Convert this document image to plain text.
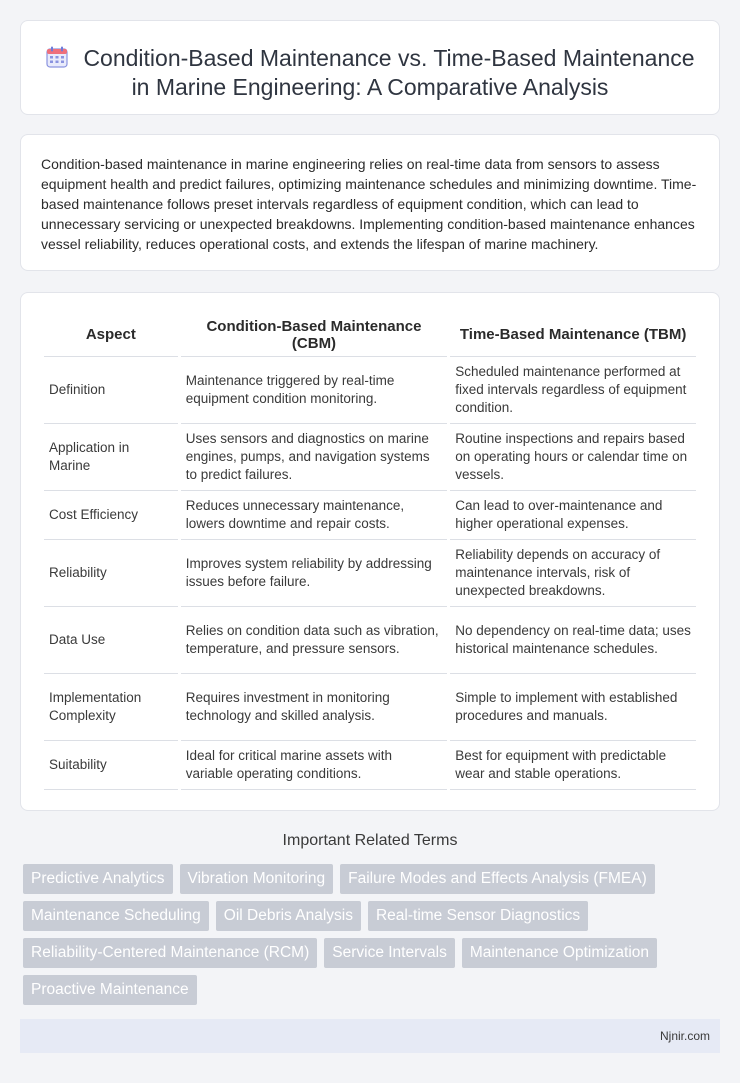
Condition-Based Maintenance vs. Time-Based Maintenance in Marine Engineering: A Comparative Analysis

Condition-based maintenance in marine engineering relies on real-time data from sensors to assess equipment health and predict failures, optimizing maintenance schedules and minimizing downtime. Time-based maintenance follows preset intervals regardless of equipment condition, which can lead to unnecessary servicing or unexpected breakdowns. Implementing condition-based maintenance enhances vessel reliability, reduces operational costs, and extends the lifespan of marine machinery.

Aspect	Condition-Based Maintenance (CBM)	Time-Based Maintenance (TBM)
Definition	Maintenance triggered by real-time equipment condition monitoring.	Scheduled maintenance performed at fixed intervals regardless of equipment condition.
Application in Marine	Uses sensors and diagnostics on marine engines, pumps, and navigation systems to predict failures.	Routine inspections and repairs based on operating hours or calendar time on vessels.
Cost Efficiency	Reduces unnecessary maintenance, lowers downtime and repair costs.	Can lead to over-maintenance and higher operational expenses.
Reliability	Improves system reliability by addressing issues before failure.	Reliability depends on accuracy of maintenance intervals, risk of unexpected breakdowns.
Data Use	Relies on condition data such as vibration, temperature, and pressure sensors.	No dependency on real-time data; uses historical maintenance schedules.
Implementation Complexity	Requires investment in monitoring technology and skilled analysis.	Simple to implement with established procedures and manuals.
Suitability	Ideal for critical marine assets with variable operating conditions.	Best for equipment with predictable wear and stable operations.
Important Related Terms
Predictive Analytics	Vibration Monitoring	Failure Modes and Effects Analysis (FMEA)
Maintenance Scheduling	Oil Debris Analysis	Real-time Sensor Diagnostics
Reliability-Centered Maintenance (RCM)	Service Intervals	Maintenance Optimization
Proactive Maintenance
Njnir.com
